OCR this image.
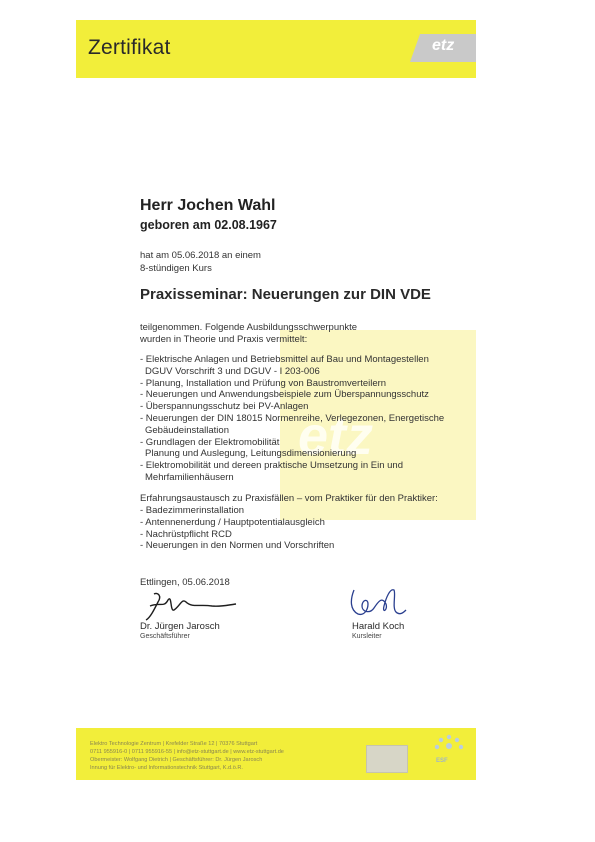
Zertifikat	etz
etz
Herr Jochen Wahl
geboren am 02.08.1967
hat am 05.06.2018 an einem
8-stündigen Kurs
Praxisseminar: Neuerungen zur DIN VDE
teilgenommen. Folgende Ausbildungsschwerpunkte
wurden in Theorie und Praxis vermittelt:
- Elektrische Anlagen und Betriebsmittel auf Bau und Montagestellen
DGUV Vorschrift 3 und DGUV - I 203-006
- Planung, Installation und Prüfung von Baustromverteilern
- Neuerungen und Anwendungsbeispiele zum Überspannungsschutz
- Überspannungsschutz bei PV-Anlagen
- Neuerungen der DIN 18015 Normenreihe, Verlegezonen, Energetische
Gebäudeinstallation
- Grundlagen der Elektromobilität
Planung und Auslegung, Leitungsdimensionierung
- Elektromobilität und dereen praktische Umsetzung in Ein und
Mehrfamilienhäusern
Erfahrungsaustausch zu Praxisfällen – vom Praktiker für den Praktiker:
- Badezimmerinstallation
- Antennenerdung / Hauptpotentialausgleich
- Nachrüstpflicht RCD
- Neuerungen in den Normen und Vorschriften
Ettlingen, 05.06.2018
Dr. Jürgen Jarosch
Geschäftsführer
Harald Koch
Kursleiter
Elektro Technologie Zentrum | Krefelder Straße 12 | 70376 Stuttgart
0711 955916-0 | 0711 955916-55 | info@etz-stuttgart.de | www.etz-stuttgart.de
Obermeister: Wolfgang Dietrich | Geschäftsführer: Dr. Jürgen Jarosch
Innung für Elektro- und Informationstechnik Stuttgart, K.d.ö.R.
ESF
